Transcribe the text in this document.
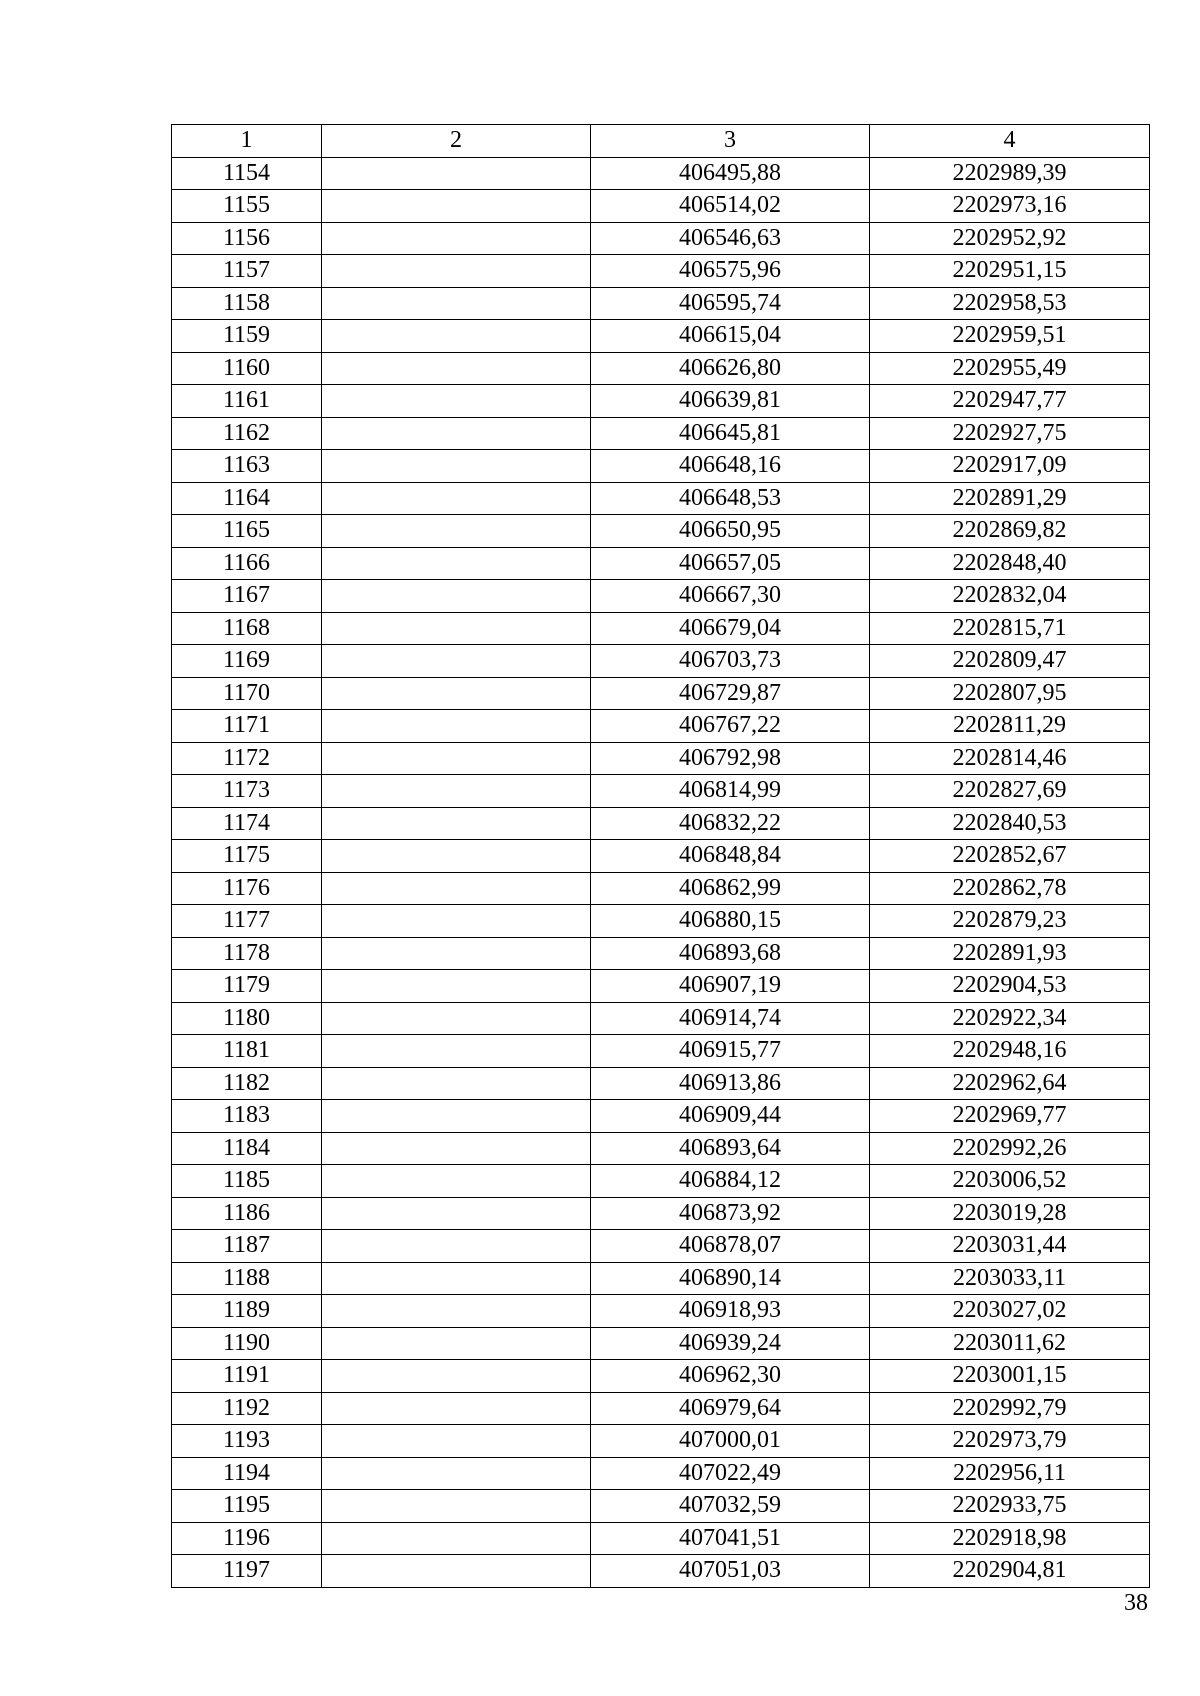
1	2	3	4
1154		406495,88	2202989,39
1155		406514,02	2202973,16
1156		406546,63	2202952,92
1157		406575,96	2202951,15
1158		406595,74	2202958,53
1159		406615,04	2202959,51
1160		406626,80	2202955,49
1161		406639,81	2202947,77
1162		406645,81	2202927,75
1163		406648,16	2202917,09
1164		406648,53	2202891,29
1165		406650,95	2202869,82
1166		406657,05	2202848,40
1167		406667,30	2202832,04
1168		406679,04	2202815,71
1169		406703,73	2202809,47
1170		406729,87	2202807,95
1171		406767,22	2202811,29
1172		406792,98	2202814,46
1173		406814,99	2202827,69
1174		406832,22	2202840,53
1175		406848,84	2202852,67
1176		406862,99	2202862,78
1177		406880,15	2202879,23
1178		406893,68	2202891,93
1179		406907,19	2202904,53
1180		406914,74	2202922,34
1181		406915,77	2202948,16
1182		406913,86	2202962,64
1183		406909,44	2202969,77
1184		406893,64	2202992,26
1185		406884,12	2203006,52
1186		406873,92	2203019,28
1187		406878,07	2203031,44
1188		406890,14	2203033,11
1189		406918,93	2203027,02
1190		406939,24	2203011,62
1191		406962,30	2203001,15
1192		406979,64	2202992,79
1193		407000,01	2202973,79
1194		407022,49	2202956,11
1195		407032,59	2202933,75
1196		407041,51	2202918,98
1197		407051,03	2202904,81
38
